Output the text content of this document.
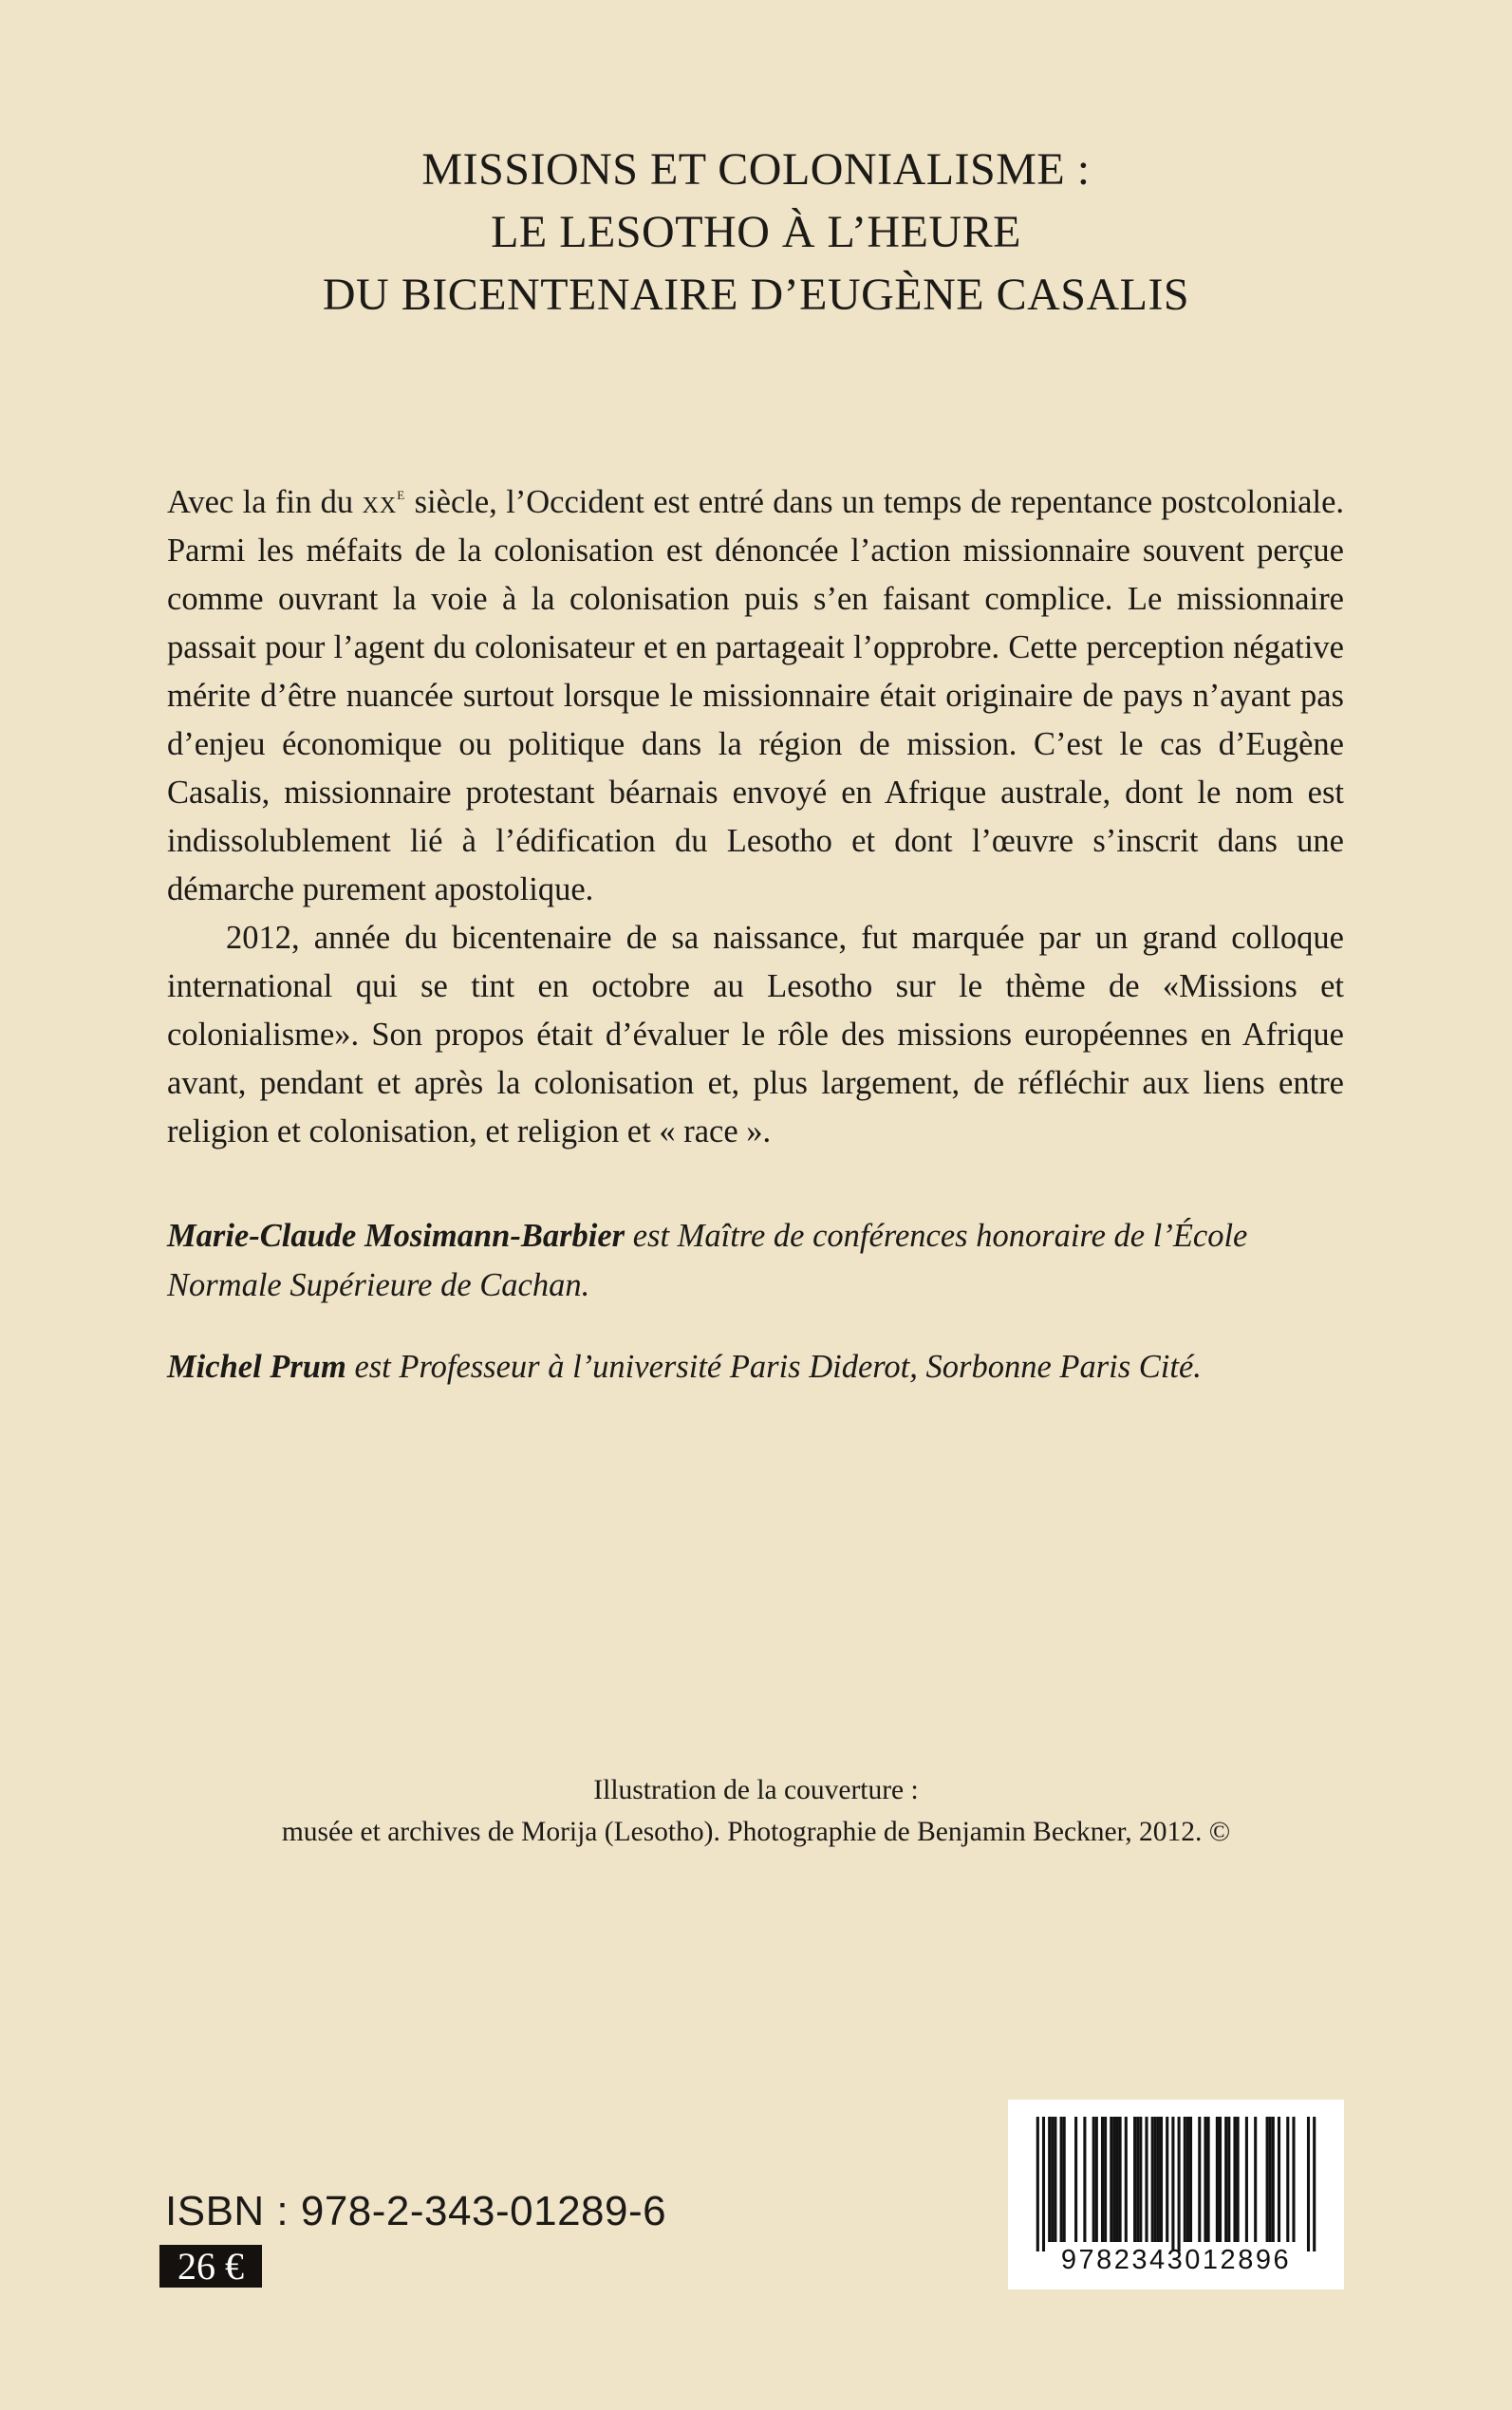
MISSIONS ET COLONIALISME :
LE LESOTHO À L’HEURE
DU BICENTENAIRE D’EUGÈNE CASALIS

Avec la fin du $xx^e$ siècle, l’Occident est entré dans un temps de repentance postcoloniale. Parmi les méfaits de la colonisation est dénoncée l’action missionnaire souvent perçue comme ouvrant la voie à la colonisation puis s’en faisant complice. Le missionnaire passait pour l’agent du colonisateur et en partageait l’opprobre. Cette perception négative mérite d’être nuancée surtout lorsque le missionnaire était originaire de pays n’ayant pas d’enjeu économique ou politique dans la région de mission. C’est le cas d’Eugène Casalis, missionnaire protestant béarnais envoyé en Afrique australe, dont le nom est indissolublement lié à l’édification du Lesotho et dont l’œuvre s’inscrit dans une démarche purement apostolique.

2012, année du bicentenaire de sa naissance, fut marquée par un grand colloque international qui se tint en octobre au Lesotho sur le thème de «Missions et colonialisme». Son propos était d’évaluer le rôle des missions européennes en Afrique avant, pendant et après la colonisation et, plus largement, de réfléchir aux liens entre religion et colonisation, et religion et « race ».

Marie-Claude Mosimann-Barbier est Maître de conférences honoraire de l’École Normale Supérieure de Cachan.
Michel Prum est Professeur à l’université Paris Diderot, Sorbonne Paris Cité.
Illustration de la couverture :
musée et archives de Morija (Lesotho). Photographie de Benjamin Beckner, 2012. ©
ISBN : 978-2-343-01289-6
26 €	9782343012896
